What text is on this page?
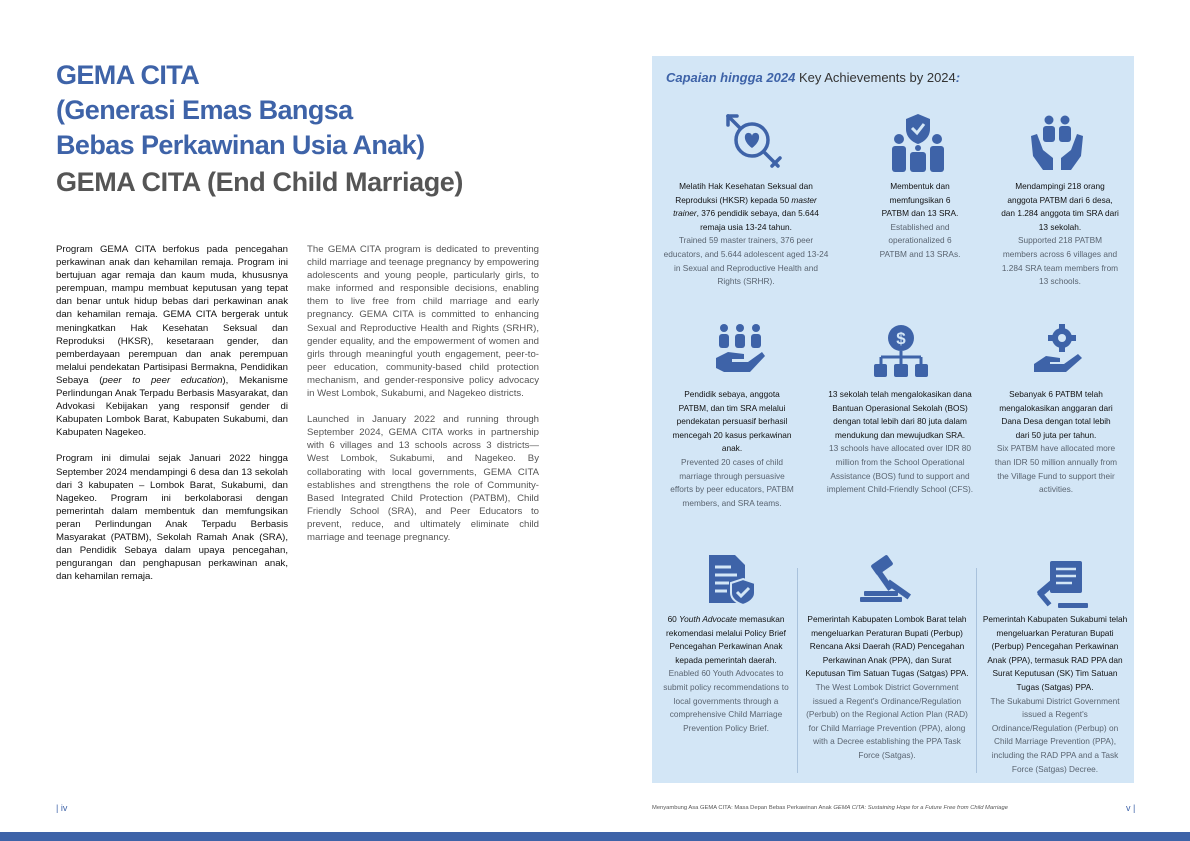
GEMA CITA
(Generasi Emas Bangsa
Bebas Perkawinan Usia Anak)
GEMA CITA (End Child Marriage)

Program GEMA CITA berfokus pada pencegahan perkawinan anak dan kehamilan remaja. Program ini bertujuan agar remaja dan kaum muda, khususnya perempuan, mampu membuat keputusan yang tepat dan benar untuk hidup bebas dari perkawinan anak dan kehamilan remaja. GEMA CITA bergerak untuk meningkatkan Hak Kesehatan Seksual dan Reproduksi (HKSR), kesetaraan gender, dan pemberdayaan perempuan dan anak perempuan melalui pendekatan Partisipasi Bermakna, Pendidikan Sebaya (peer to peer education), Mekanisme Perlindungan Anak Terpadu Berbasis Masyarakat, dan Advokasi Kebijakan yang responsif gender di Kabupaten Lombok Barat, Kabupaten Sukabumi, dan Kabupaten Nagekeo.

Program ini dimulai sejak Januari 2022 hingga September 2024 mendampingi 6 desa dan 13 sekolah dari 3 kabupaten – Lombok Barat, Sukabumi, dan Nagekeo. Program ini berkolaborasi dengan pemerintah dalam membentuk dan memfungsikan peran Perlindungan Anak Terpadu Berbasis Masyarakat (PATBM), Sekolah Ramah Anak (SRA), dan Pendidik Sebaya dalam upaya pencegahan, pengurangan dan penghapusan perkawinan anak, dan kehamilan remaja.

The GEMA CITA program is dedicated to preventing child marriage and teenage pregnancy by empowering adolescents and young people, particularly girls, to make informed and responsible decisions, enabling them to live free from child marriage and early pregnancy. GEMA CITA is committed to enhancing Sexual and Reproductive Health and Rights (SRHR), gender equality, and the empowerment of women and girls through meaningful youth engagement, peer-to-peer education, community-based child protection mechanism, and gender-responsive policy advocacy in West Lombok, Sukabumi, and Nagekeo districts.

Launched in January 2022 and running through September 2024, GEMA CITA works in partnership with 6 villages and 13 schools across 3 districts—West Lombok, Sukabumi, and Nagekeo. By collaborating with local governments, GEMA CITA establishes and strengthens the role of Community-Based Integrated Child Protection (PATBM), Child Friendly School (SRA), and Peer Educators to prevent, reduce, and ultimately eliminate child marriage and teenage pregnancy.

Capaian hingga 2024 Key Achievements by 2024:
$
Melatih Hak Kesehatan Seksual dan Reproduksi (HKSR) kepada 50 master trainer, 376 pendidik sebaya, dan 5.644 remaja usia 13-24 tahun.
Trained 59 master trainers, 376 peer educators, and 5.644 adolescent aged 13-24 in Sexual and Reproductive Health and Rights (SRHR).
Membentuk dan memfungsikan 6 PATBM dan 13 SRA.
Established and operationalized 6 PATBM and 13 SRAs.
Mendampingi 218 orang anggota PATBM dari 6 desa, dan 1.284 anggota tim SRA dari 13 sekolah.
Supported 218 PATBM members across 6 villages and 1.284 SRA team members from 13 schools.
Pendidik sebaya, anggota PATBM, dan tim SRA melalui pendekatan persuasif berhasil mencegah 20 kasus perkawinan anak.
Prevented 20 cases of child marriage through persuasive efforts by peer educators, PATBM members, and SRA teams.
13 sekolah telah mengalokasikan dana Bantuan Operasional Sekolah (BOS) dengan total lebih dari 80 juta dalam mendukung dan mewujudkan SRA.
13 schools have allocated over IDR 80 million from the School Operational Assistance (BOS) fund to support and implement Child-Friendly School (CFS).
Sebanyak 6 PATBM telah mengalokasikan anggaran dari Dana Desa dengan total lebih dari 50 juta per tahun.
Six PATBM have allocated more than IDR 50 million annually from the Village Fund to support their activities.
60 Youth Advocate memasukan rekomendasi melalui Policy Brief Pencegahan Perkawinan Anak kepada pemerintah daerah.
Enabled 60 Youth Advocates to submit policy recommendations to local governments through a comprehensive Child Marriage Prevention Policy Brief.
Pemerintah Kabupaten Lombok Barat telah mengeluarkan Peraturan Bupati (Perbup) Rencana Aksi Daerah (RAD) Pencegahan Perkawinan Anak (PPA), dan Surat Keputusan Tim Satuan Tugas (Satgas) PPA.
The West Lombok District Government issued a Regent's Ordinance/Regulation (Perbub) on the Regional Action Plan (RAD) for Child Marriage Prevention (PPA), along with a Decree establishing the PPA Task Force (Satgas).
Pemerintah Kabupaten Sukabumi telah mengeluarkan Peraturan Bupati (Perbup) Pencegahan Perkawinan Anak (PPA), termasuk RAD PPA dan Surat Keputusan (SK) Tim Satuan Tugas (Satgas) PPA.
The Sukabumi District Government issued a Regent's Ordinance/Regulation (Perbup) on Child Marriage Prevention (PPA), including the RAD PPA and a Task Force (Satgas) Decree.
| iv	v |
Menyambung Asa GEMA CITA: Masa Depan Bebas Perkawinan Anak GEMA CITA: Sustaining Hope for a Future Free from Child Marriage
